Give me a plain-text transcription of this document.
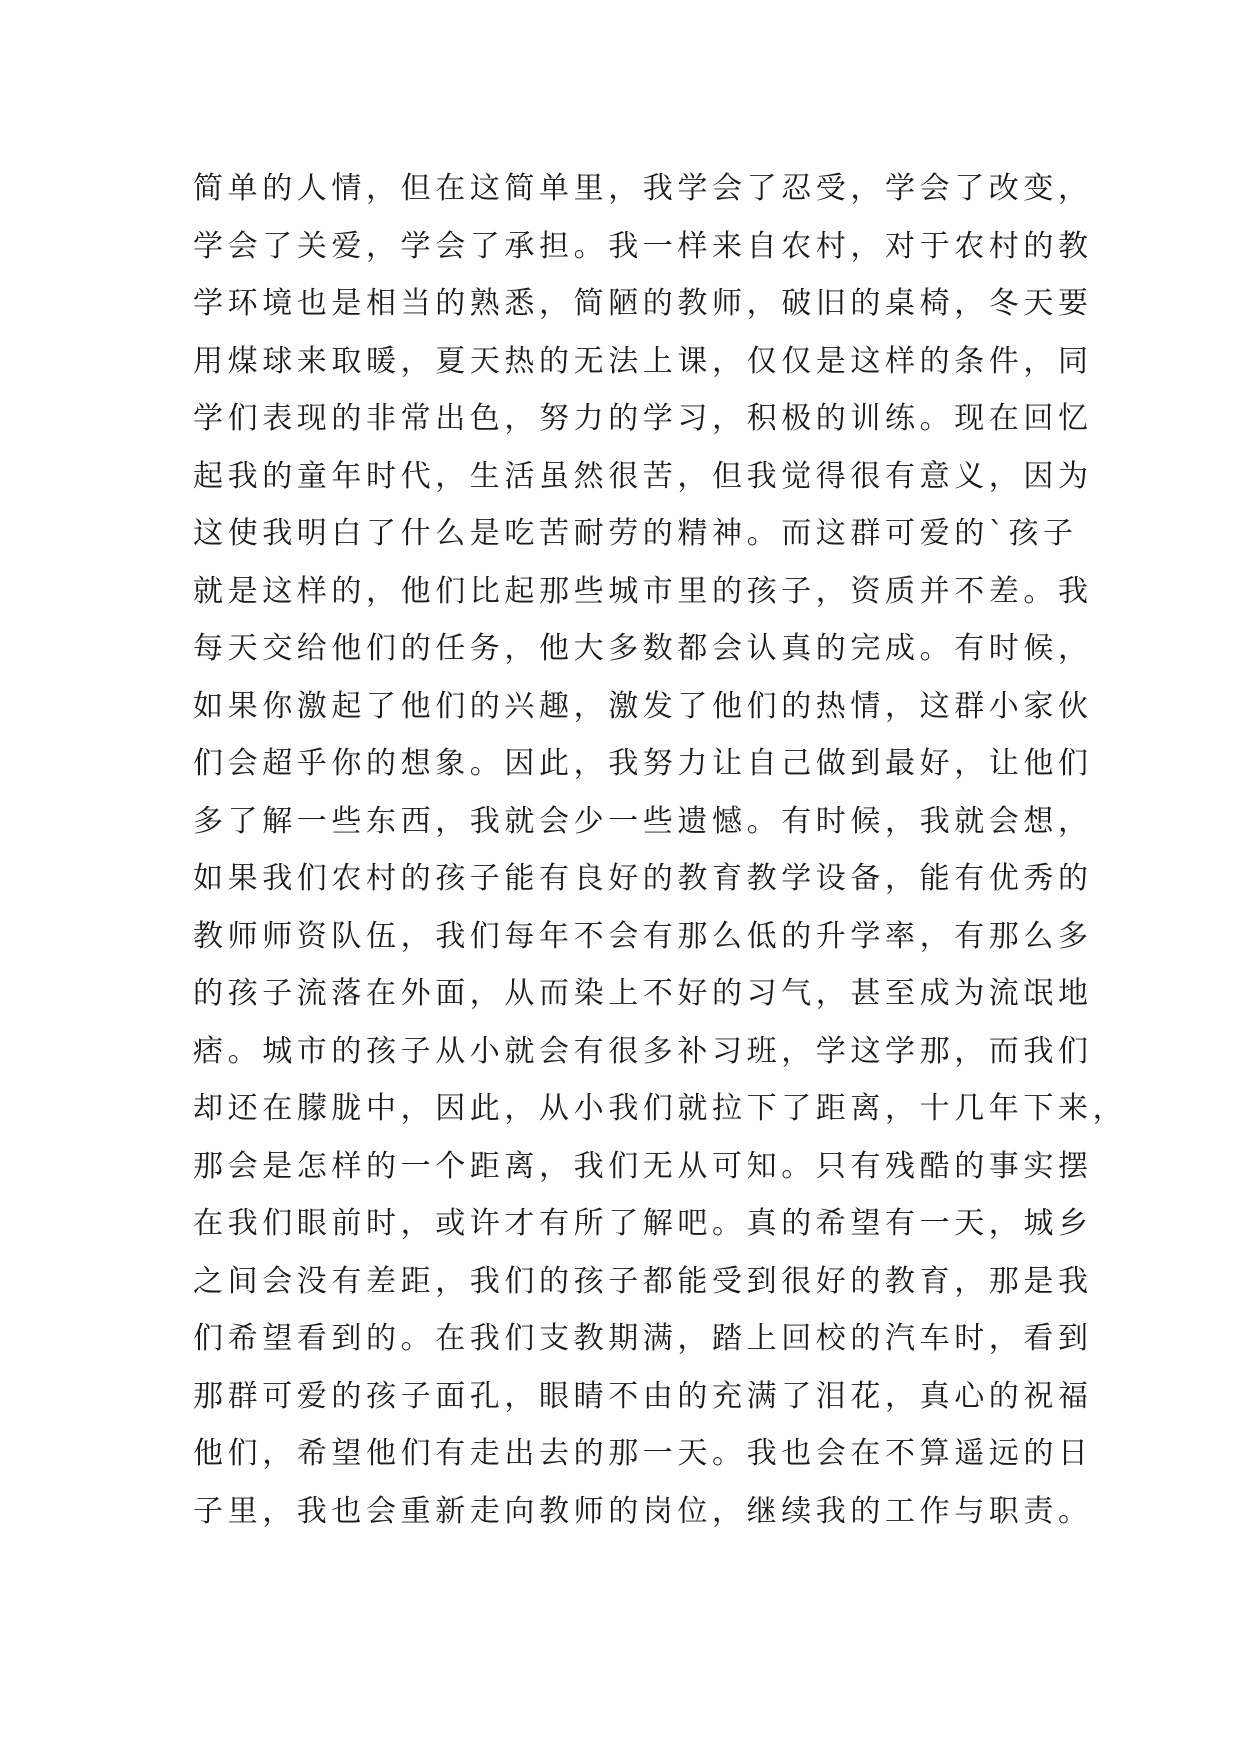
简单的人情，但在这简单里，我学会了忍受，学会了改变，
学会了关爱，学会了承担。我一样来自农村，对于农村的教
学环境也是相当的熟悉，简陋的教师，破旧的桌椅，冬天要
用煤球来取暖，夏天热的无法上课，仅仅是这样的条件，同
学们表现的非常出色，努力的学习，积极的训练。现在回忆
起我的童年时代，生活虽然很苦，但我觉得很有意义，因为
这使我明白了什么是吃苦耐劳的精神。而这群可爱的`孩子
就是这样的，他们比起那些城市里的孩子，资质并不差。我
每天交给他们的任务，他大多数都会认真的完成。有时候，
如果你激起了他们的兴趣，激发了他们的热情，这群小家伙
们会超乎你的想象。因此，我努力让自己做到最好，让他们
多了解一些东西，我就会少一些遗憾。有时候，我就会想，
如果我们农村的孩子能有良好的教育教学设备，能有优秀的
教师师资队伍，我们每年不会有那么低的升学率，有那么多
的孩子流落在外面，从而染上不好的习气，甚至成为流氓地
痞。城市的孩子从小就会有很多补习班，学这学那，而我们
却还在朦胧中，因此，从小我们就拉下了距离，十几年下来，
那会是怎样的一个距离，我们无从可知。只有残酷的事实摆
在我们眼前时，或许才有所了解吧。真的希望有一天，城乡
之间会没有差距，我们的孩子都能受到很好的教育，那是我
们希望看到的。在我们支教期满，踏上回校的汽车时，看到
那群可爱的孩子面孔，眼睛不由的充满了泪花，真心的祝福
他们，希望他们有走出去的那一天。我也会在不算遥远的日
子里，我也会重新走向教师的岗位，继续我的工作与职责。
